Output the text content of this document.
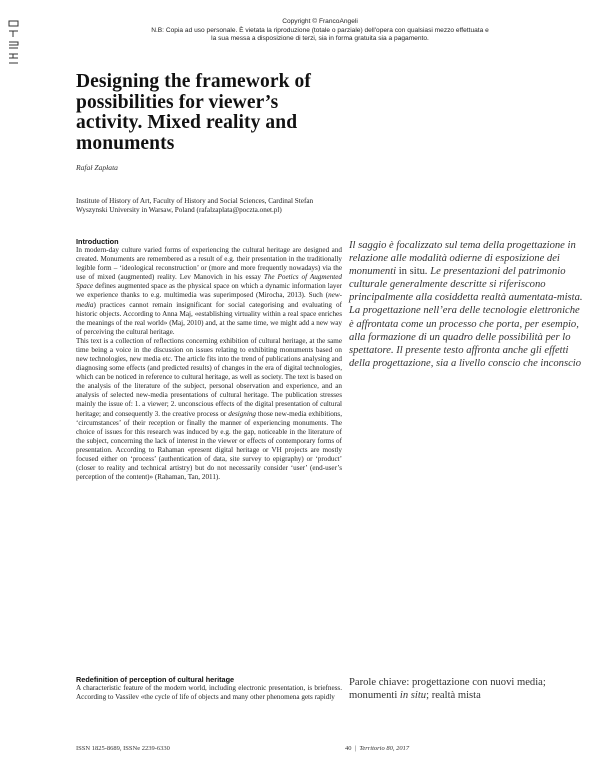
Copyright © FrancoAngeli
N.B: Copia ad uso personale. È vietata la riproduzione (totale o parziale) dell'opera con qualsiasi mezzo effettuata e la sua messa a disposizione di terzi, sia in forma gratuita sia a pagamento.
Designing the framework of possibilities for viewer’s activity. Mixed reality and monuments
Rafał Zapłata
Institute of History of Art, Faculty of History and Social Sciences, Cardinal Stefan Wyszynski University in Warsaw, Poland (rafalzaplata@poczta.onet.pl)
Introduction

In modern-day culture varied forms of experiencing the cultural heritage are designed and created. Monuments are remembered as a result of e.g. their presentation in the traditionally legible form – ‘ideological reconstruction’ or (more and more frequently nowadays) via the use of mixed (augmented) reality. Lev Manovich in his essay The Poetics of Augmented Space defines augmented space as the physical space on which a dynamic information layer we experience thanks to e.g. multimedia was superimposed (Mirocha, 2013). Such (new-media) practices cannot remain insignificant for social categorising and evaluating of historic objects. According to Anna Maj, «establishing virtuality within a real space enriches the meanings of the real world» (Maj, 2010) and, at the same time, we might add a new way of perceiving the cultural heritage.

This text is a collection of reflections concerning exhibition of cultural heritage, at the same time being a voice in the discussion on issues relating to exhibiting monuments based on new technologies, new media etc. The article fits into the trend of publications analysing and diagnosing some effects (and predicted results) of changes in the era of digital technologies, which can be noticed in reference to cultural heritage, as well as society. The text is based on the analysis of the literature of the subject, personal observation and experience, and an analysis of selected new-media presentations of cultural heritage. The publication stresses mainly the issue of: 1. a viewer; 2. unconscious effects of the digital presentation of cultural heritage; and consequently 3. the creative process or designing those new-media exhibitions, ‘circumstances’ of their reception or finally the manner of experiencing monuments. The choice of issues for this research was induced by e.g. the gap, noticeable in the literature of the subject, concerning the lack of interest in the viewer or effects of contemporary forms of presentation. According to Rahaman «present digital heritage or VH projects are mostly focused either on ‘process’ (authentication of data, site survey to epigraphy) or ‘product’ (closer to reality and technical artistry) but do not necessarily consider ‘user’ (end-user’s perception of the content)» (Rahaman, Tan, 2011).

Redefinition of perception of cultural heritage

A characteristic feature of the modern world, including electronic presentation, is briefness. According to Vassilev «the cycle of life of objects and many other phenomena gets rapidly

Il saggio è focalizzato sul tema della progettazione in relazione alle modalità odierne di esposizione dei monumenti in situ. Le presentazioni del patrimonio culturale generalmente descritte si riferiscono principalmente alla cosiddetta realtà aumentata-mista. La progettazione nell’era delle tecnologie elettroniche è affrontata come un processo che porta, per esempio, alla formazione di un quadro delle possibilità per lo spettatore. Il presente testo affronta anche gli effetti della progettazione, sia a livello conscio che inconscio

Parole chiave: progettazione con nuovi media; monumenti in situ; realtà mista

ISSN 1825-8689, ISSNe 2239-6330	40 | Territorio 80, 2017
